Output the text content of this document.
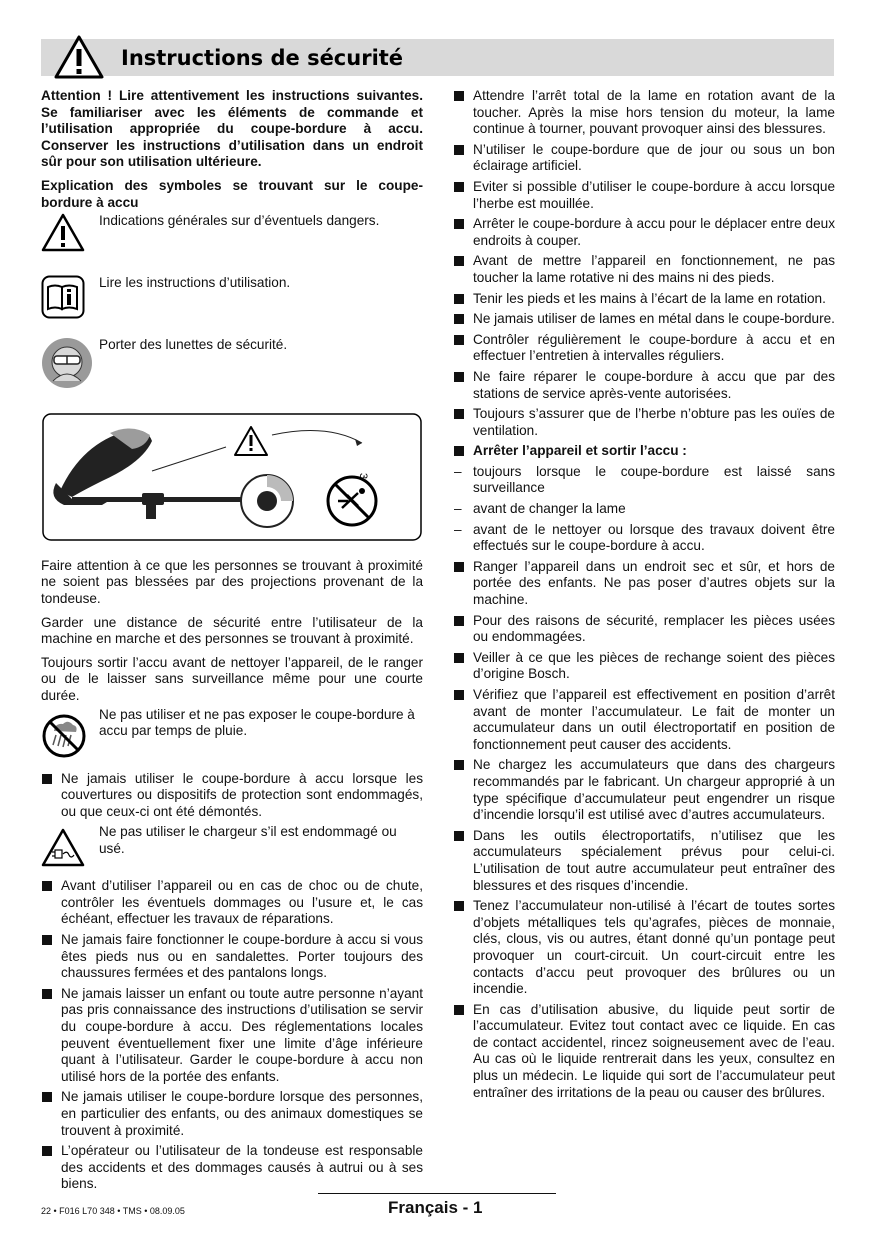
Instructions de sécurité

Attention ! Lire attentivement les instructions suivantes. Se familiariser avec les éléments de commande et l’utilisation appropriée du coupe-bordure à accu. Conserver les instructions d’utilisation dans un endroit sûr pour son utilisation ultérieure.

Explication des symboles se trouvant sur le coupe-bordure à accu

Indications générales sur d’éventuels dangers.
Lire les instructions d’utilisation.
Porter des lunettes de sécurité.

Faire attention à ce que les personnes se trouvant à proximité ne soient pas blessées par des projections provenant de la tondeuse.

Garder une distance de sécurité entre l’utilisateur de la machine en marche et des personnes se trouvant à proximité.

Toujours sortir l’accu avant de nettoyer l’appareil, de le ranger ou de le laisser sans surveillance même pour une courte durée.

Ne pas utiliser et ne pas exposer le coupe-bordure à accu par temps de pluie.
Ne jamais utiliser le coupe-bordure à accu lorsque les couvertures ou dispositifs de protection sont endommagés, ou que ceux-ci ont été démontés.
Ne pas utiliser le chargeur s’il est endommagé ou usé.
Avant d’utiliser l’appareil ou en cas de choc ou de chute, contrôler les éventuels dommages ou l’usure et, le cas échéant, effectuer les travaux de réparations.
Ne jamais faire fonctionner le coupe-bordure à accu si vous êtes pieds nus ou en sandalettes. Porter toujours des chaussures fermées et des pantalons longs.
Ne jamais laisser un enfant ou toute autre personne n’ayant pas pris connaissance des instructions d’utilisation se servir du coupe-bordure à accu. Des réglementations locales peuvent éventuellement fixer une limite d’âge inférieure quant à l’utilisateur. Garder le coupe-bordure à accu non utilisé hors de la portée des enfants.
Ne jamais utiliser le coupe-bordure lorsque des personnes, en particulier des enfants, ou des animaux domestiques se trouvent à proximité.
L’opérateur ou l’utilisateur de la tondeuse est responsable des accidents et des dommages causés à autrui ou à ses biens.
Attendre l’arrêt total de la lame en rotation avant de la toucher. Après la mise hors tension du moteur, la lame continue à tourner, pouvant provoquer ainsi des blessures.
N’utiliser le coupe-bordure que de jour ou sous un bon éclairage artificiel.
Eviter si possible d’utiliser le coupe-bordure à accu lorsque l’herbe est mouillée.
Arrêter le coupe-bordure à accu pour le déplacer entre deux endroits à couper.
Avant de mettre l’appareil en fonctionnement, ne pas toucher la lame rotative ni des mains ni des pieds.
Tenir les pieds et les mains à l’écart de la lame en rotation.
Ne jamais utiliser de lames en métal dans le coupe-bordure.
Contrôler régulièrement le coupe-bordure à accu et en effectuer l’entretien à intervalles réguliers.
Ne faire réparer le coupe-bordure à accu que par des stations de service après-vente autorisées.
Toujours s’assurer que de l’herbe n’obture pas les ouïes de ventilation.
Arrêter l’appareil et sortir l’accu :
– toujours lorsque le coupe-bordure est laissé sans surveillance
– avant de changer la lame
– avant de le nettoyer ou lorsque des travaux doivent être effectués sur le coupe-bordure à accu.
Ranger l’appareil dans un endroit sec et sûr, et hors de portée des enfants. Ne pas poser d’autres objets sur la machine.
Pour des raisons de sécurité, remplacer les pièces usées ou endommagées.
Veiller à ce que les pièces de rechange soient des pièces d’origine Bosch.
Vérifiez que l’appareil est effectivement en position d’arrêt avant de monter l’accumulateur. Le fait de monter un accumulateur dans un outil électroportatif en position de fonctionnement peut causer des accidents.
Ne chargez les accumulateurs que dans des chargeurs recommandés par le fabricant. Un chargeur approprié à un type spécifique d’accumulateur peut engendrer un risque d’incendie lorsqu’il est utilisé avec d’autres accumulateurs.
Dans les outils électroportatifs, n’utilisez que les accumulateurs spécialement prévus pour celui-ci. L’utilisation de tout autre accumulateur peut entraîner des blessures et des risques d’incendie.
Tenez l’accumulateur non-utilisé à l’écart de toutes sortes d’objets métalliques tels qu’agrafes, pièces de monnaie, clés, clous, vis ou autres, étant donné qu’un pontage peut provoquer un court-circuit. Un court-circuit entre les contacts d’accu peut provoquer des brûlures ou un incendie.
En cas d’utilisation abusive, du liquide peut sortir de l’accumulateur. Evitez tout contact avec ce liquide. En cas de contact accidentel, rincez soigneusement avec de l’eau. Au cas où le liquide rentrerait dans les yeux, consultez en plus un médecin. Le liquide qui sort de l’accumulateur peut entraîner des irritations de la peau ou causer des brûlures.
22 • F016 L70 348 • TMS • 08.09.05	Français - 1
